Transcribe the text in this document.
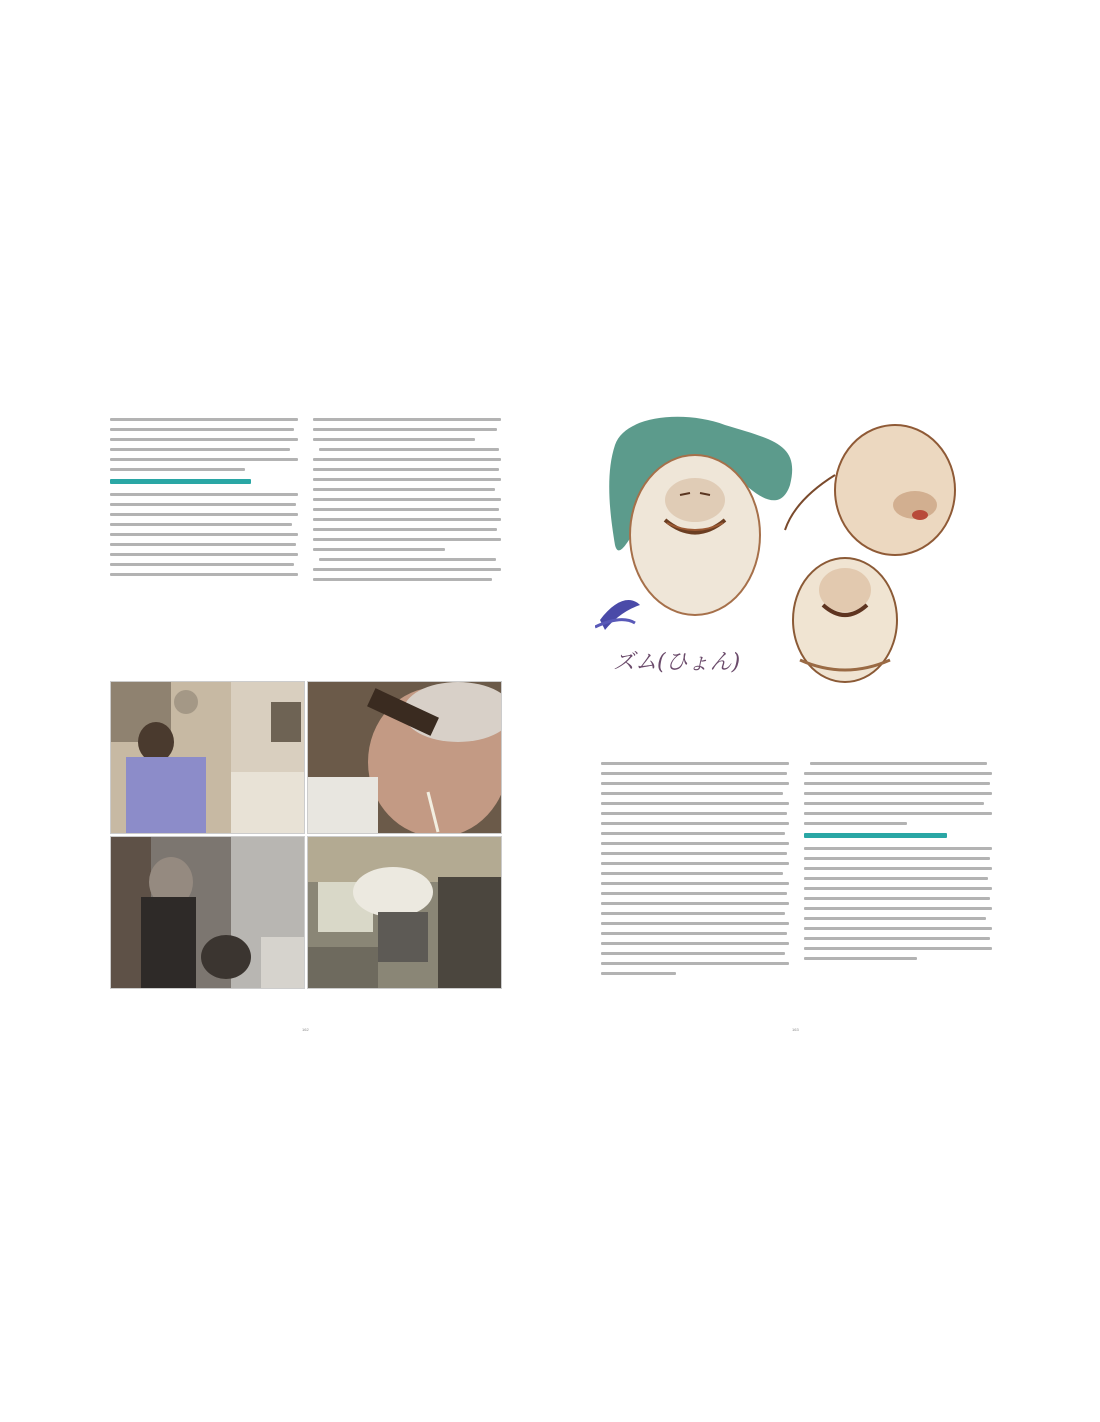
162
ズム(ひょん)
163
